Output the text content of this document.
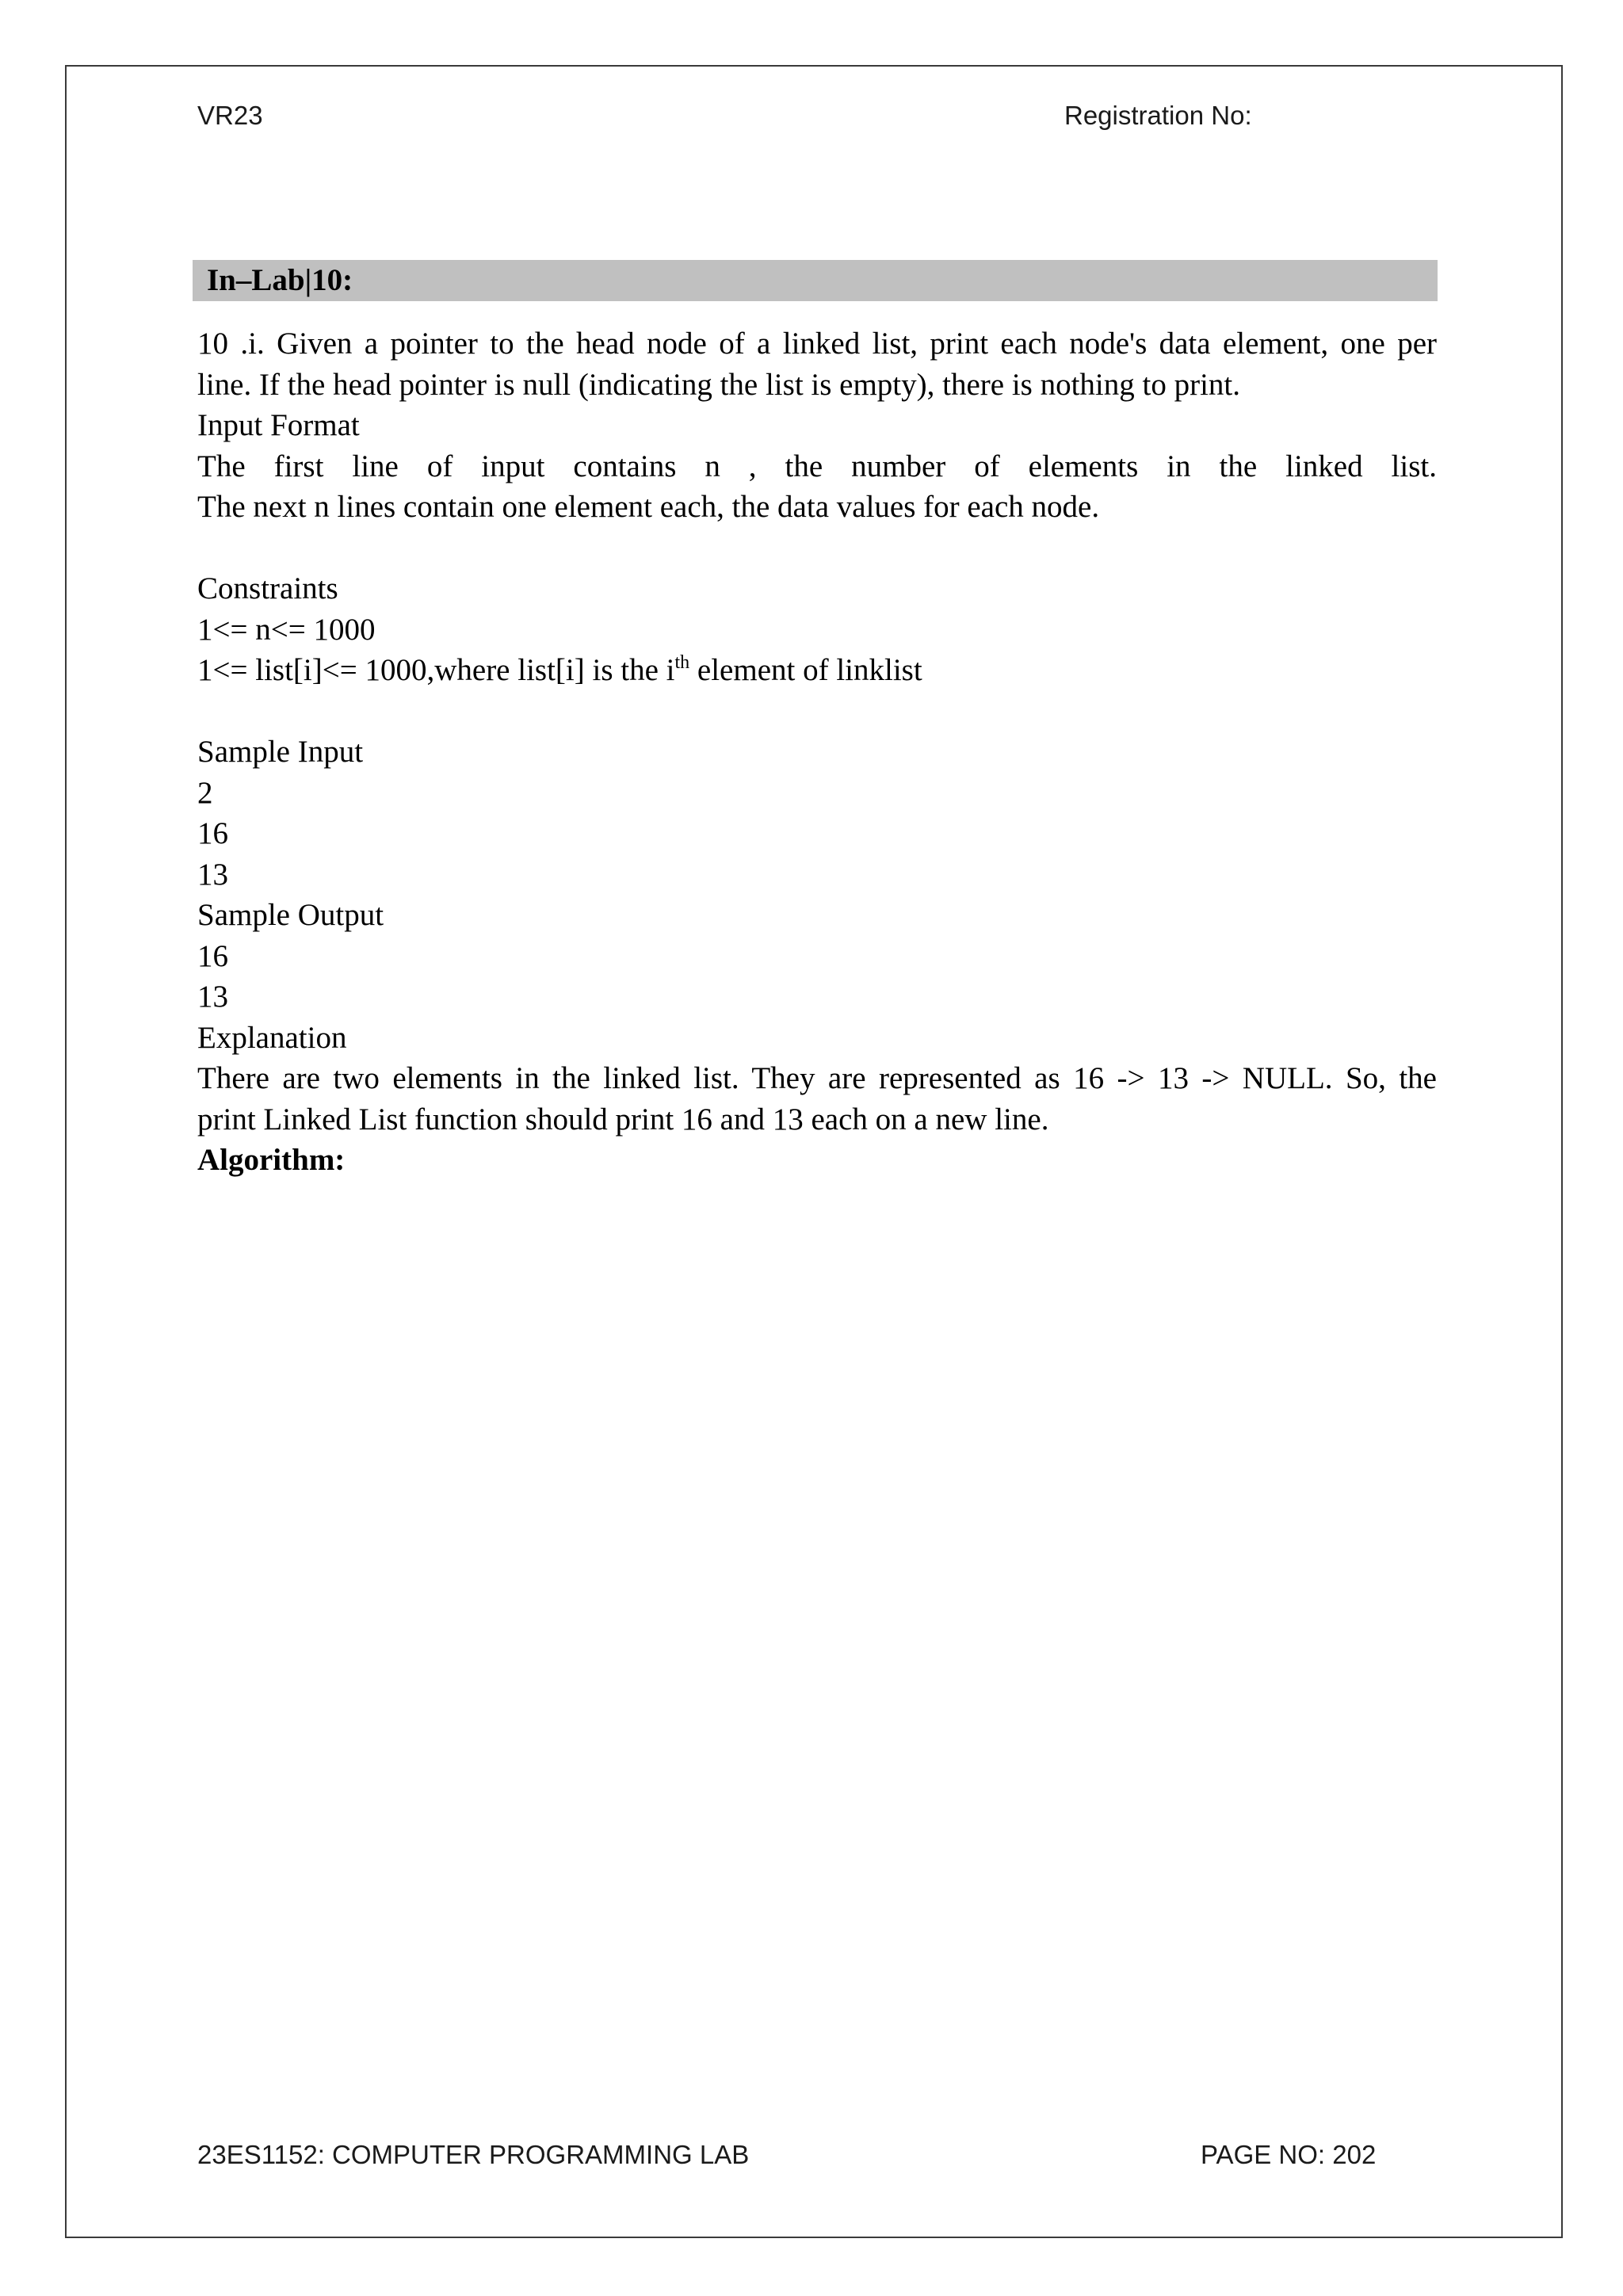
VR23	Registration No:
In–Lab|10:
10 .i. Given a pointer to the head node of a linked list, print each node's data element, one per
line. If the head pointer is null (indicating the list is empty), there is nothing to print.
Input Format
The first line of input contains n , the number of elements in the linked list.
The next n lines contain one element each, the data values for each node.
Constraints
1<= n<= 1000
1<= list[i]<= 1000,where list[i] is the $i^{th}$ element of linklist
Sample Input
2
16
13
Sample Output
16
13
Explanation
There are two elements in the linked list. They are represented as 16 -> 13 -> NULL. So, the
print Linked List function should print 16 and 13 each on a new line.
Algorithm:
23ES1152: COMPUTER PROGRAMMING LAB	PAGE NO: 202
